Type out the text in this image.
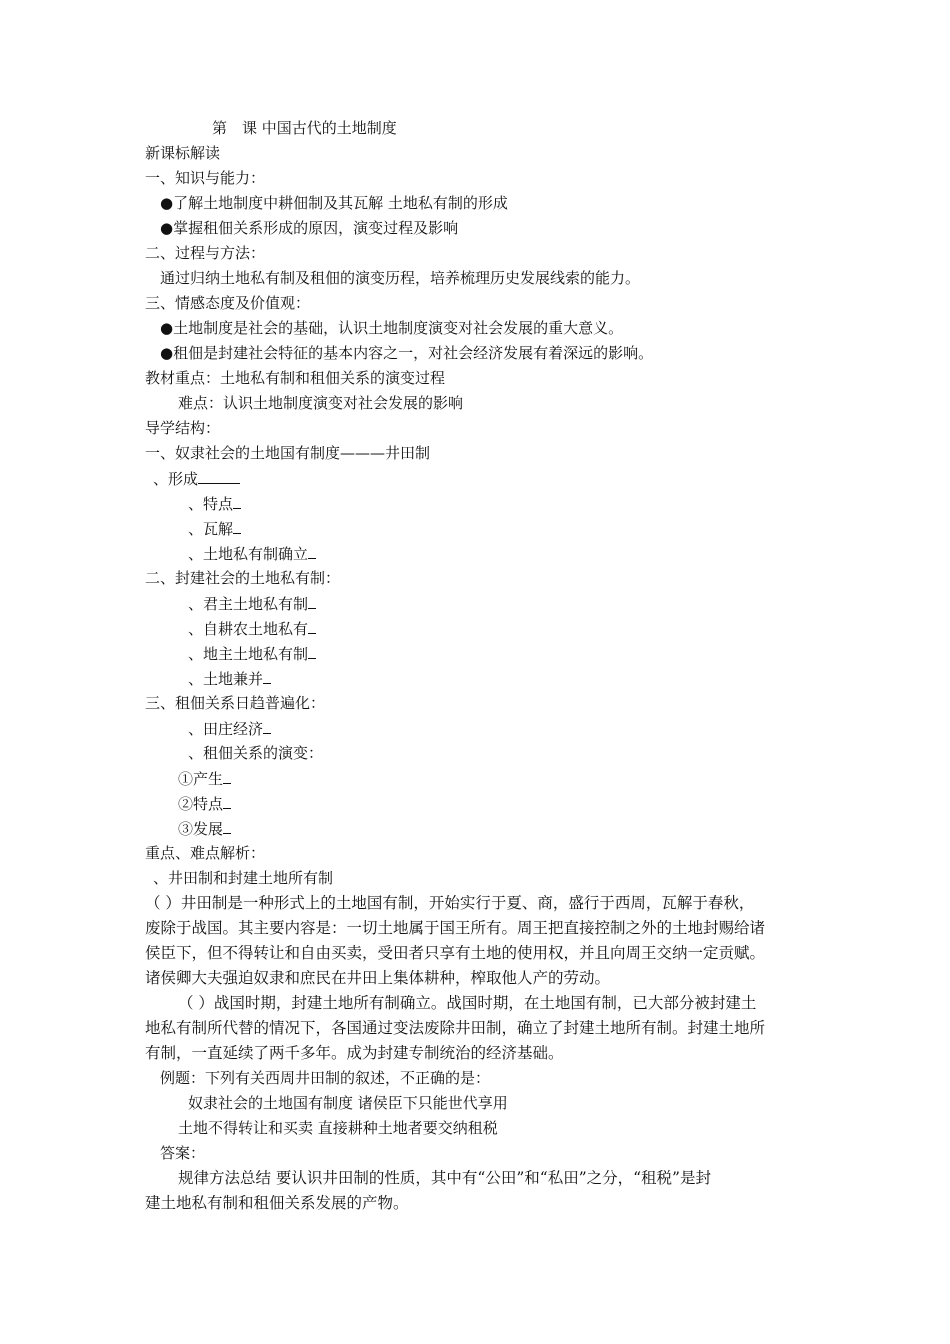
第　课 中国古代的土地制度
新课标解读
一、知识与能力：
●了解土地制度中耕佃制及其瓦解 土地私有制的形成
●掌握租佃关系形成的原因，演变过程及影响
二、过程与方法：
通过归纳土地私有制及租佃的演变历程，培养梳理历史发展线索的能力。
三、情感态度及价值观：
●土地制度是社会的基础，认识土地制度演变对社会发展的重大意义。
●租佃是封建社会特征的基本内容之一，对社会经济发展有着深远的影响。
教材重点：土地私有制和租佃关系的演变过程
难点：认识土地制度演变对社会发展的影响
导学结构：
一、奴隶社会的土地国有制度———井田制
、形成
、特点
、瓦解
、土地私有制确立
二、封建社会的土地私有制：
、君主土地私有制
、自耕农土地私有
、地主土地私有制
、土地兼并
三、租佃关系日趋普遍化：
、田庄经济
、租佃关系的演变：
①产生
②特点
③发展
重点、难点解析：
、井田制和封建土地所有制
（ ）井田制是一种形式上的土地国有制，开始实行于夏、商，盛行于西周，瓦解于春秋，
废除于战国。其主要内容是：一切土地属于国王所有。周王把直接控制之外的土地封赐给诸
侯臣下，但不得转让和自由买卖，受田者只享有土地的使用权，并且向周王交纳一定贡赋。
诸侯卿大夫强迫奴隶和庶民在井田上集体耕种，榨取他人产的劳动。
（ ）战国时期，封建土地所有制确立。战国时期，在土地国有制，已大部分被封建土
地私有制所代替的情况下，各国通过变法废除井田制，确立了封建土地所有制。封建土地所
有制，一直延续了两千多年。成为封建专制统治的经济基础。
例题：下列有关西周井田制的叙述，不正确的是：
奴隶社会的土地国有制度 诸侯臣下只能世代享用
土地不得转让和买卖 直接耕种土地者要交纳租税
答案：
规律方法总结 要认识井田制的性质，其中有“公田”和“私田”之分，“租税”是封
建土地私有制和租佃关系发展的产物。
